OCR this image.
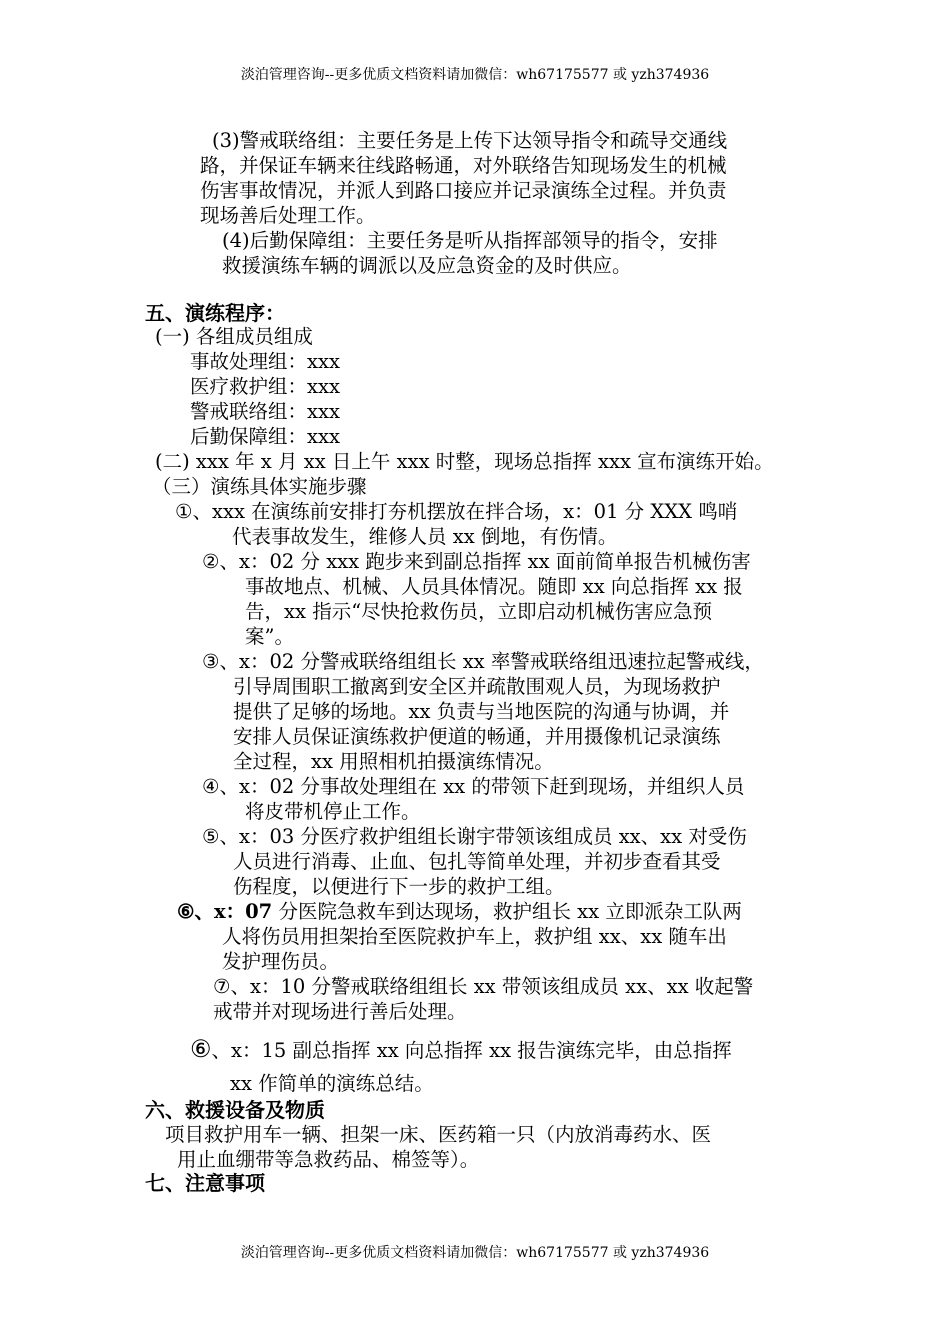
淡泊管理咨询--更多优质文档资料请加微信：wh67175577 或 yzh374936
(3)警戒联络组：主要任务是上传下达领导指令和疏导交通线
路，并保证车辆来往线路畅通，对外联络告知现场发生的机械
伤害事故情况，并派人到路口接应并记录演练全过程。并负责
现场善后处理工作。
(4)后勤保障组：主要任务是听从指挥部领导的指令，安排
救援演练车辆的调派以及应急资金的及时供应。
五、演练程序：
(一) 各组成员组成
事故处理组：xxx
医疗救护组：xxx
警戒联络组：xxx
后勤保障组：xxx
(二) xxx 年 x 月 xx 日上午 xxx 时整，现场总指挥 xxx 宣布演练开始。
（三）演练具体实施步骤
①、xxx 在演练前安排打夯机摆放在拌合场，x：01 分 XXX 鸣哨
代表事故发生，维修人员 xx 倒地，有伤情。
②、x：02 分 xxx 跑步来到副总指挥 xx 面前简单报告机械伤害
事故地点、机械、人员具体情况。随即 xx 向总指挥 xx 报
告，xx 指示“尽快抢救伤员，立即启动机械伤害应急预
案”。
③、x：02 分警戒联络组组长 xx 率警戒联络组迅速拉起警戒线，
引导周围职工撤离到安全区并疏散围观人员，为现场救护
提供了足够的场地。xx 负责与当地医院的沟通与协调，并
安排人员保证演练救护便道的畅通，并用摄像机记录演练
全过程，xx 用照相机拍摄演练情况。
④、x：02 分事故处理组在 xx 的带领下赶到现场，并组织人员
将皮带机停止工作。
⑤、x：03 分医疗救护组组长谢宇带领该组成员 xx、xx 对受伤
人员进行消毒、止血、包扎等简单处理，并初步查看其受
伤程度，以便进行下一步的救护工组。
⑥、x：07 分医院急救车到达现场，救护组长 xx 立即派杂工队两
人将伤员用担架抬至医院救护车上，救护组 xx、xx 随车出
发护理伤员。
⑦、x：10 分警戒联络组组长 xx 带领该组成员 xx、xx 收起警
戒带并对现场进行善后处理。
⑥、x：15 副总指挥 xx 向总指挥 xx 报告演练完毕，由总指挥
xx 作简单的演练总结。
六、救援设备及物质
项目救护用车一辆、担架一床、医药箱一只（内放消毒药水、医
用止血绷带等急救药品、棉签等）。
七、注意事项
淡泊管理咨询--更多优质文档资料请加微信：wh67175577 或 yzh374936
